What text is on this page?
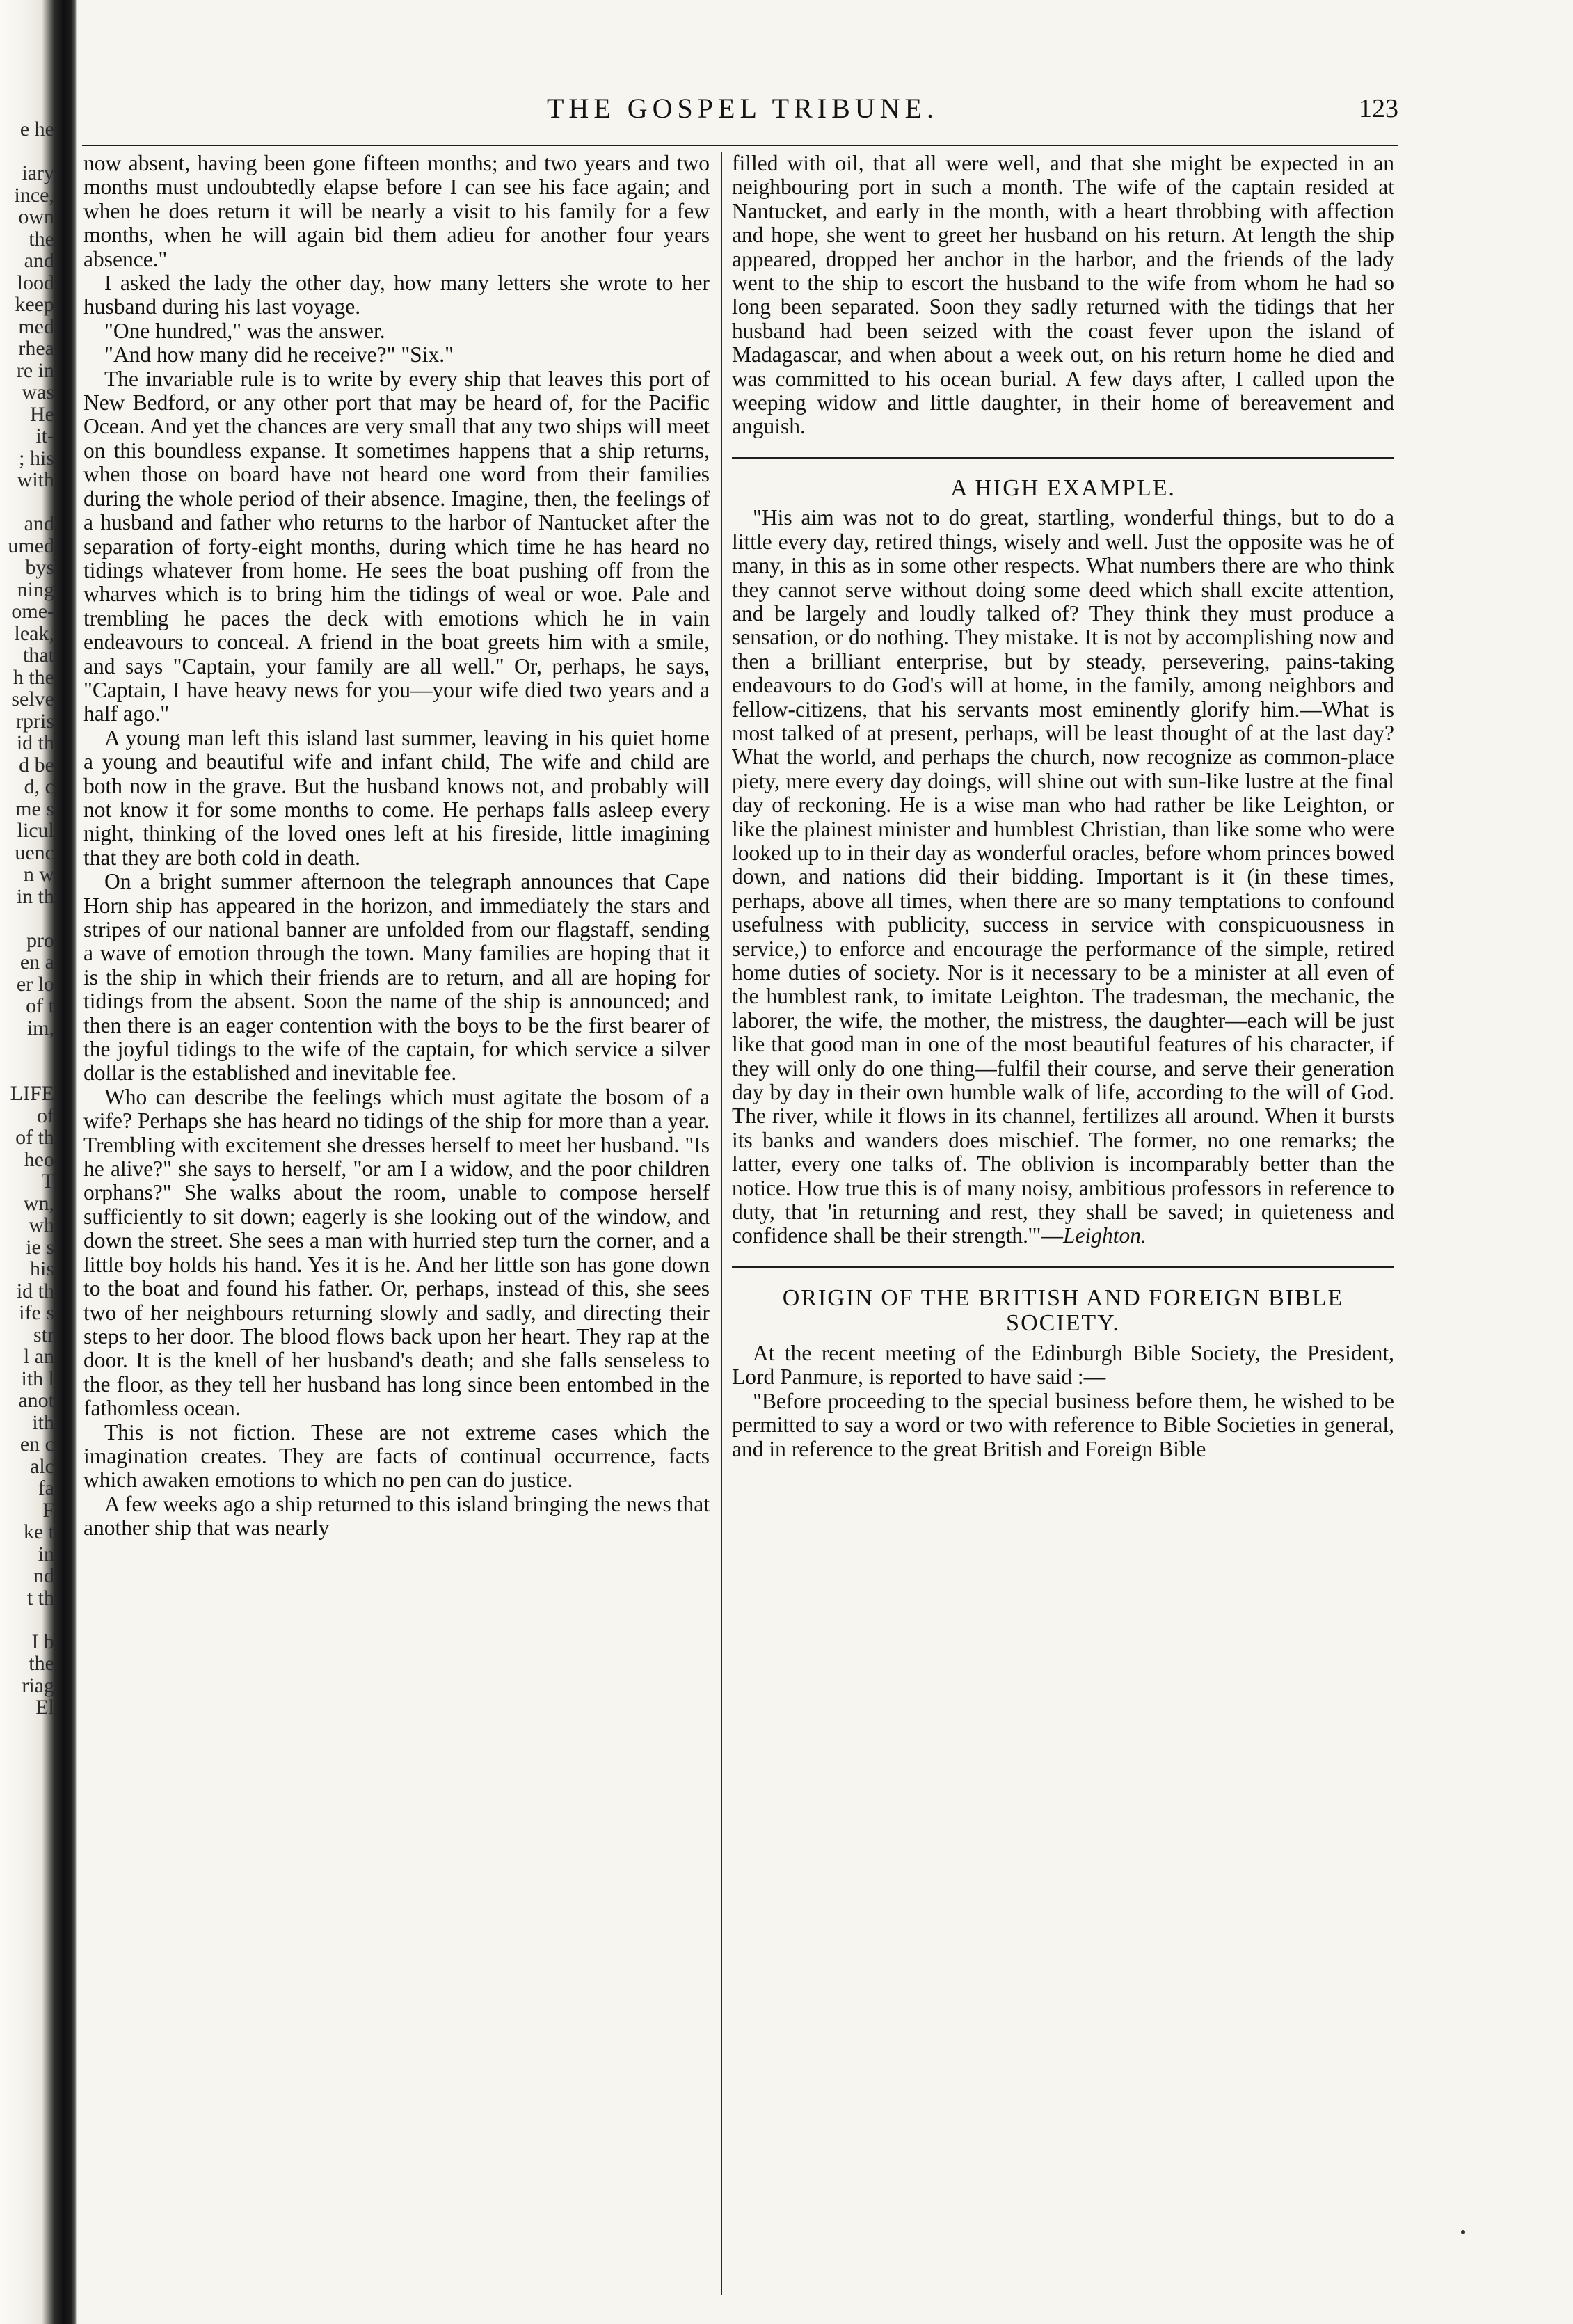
e he
iary
ince,
own
the
and
lood
keep
med
rhea
re in
was
He
it-
; his
with
and
umed
bys
ning
ome-
leak,
that
h the
selve
rpris
id th
d be
d, c
me s
licul
uenc
n w
in th
pro
en a
er lo
of t
im,
LIFE
of
of th
heo
T
wn,
wh
ie s
his
id th
ife s
str
l an
ith l
anot
ith
en c
alc
fa
F
ke t
in
nd
t th
I b
the
riag
El
THE GOSPEL TRIBUNE.	123

now absent, having been gone fifteen months; and two years and two months must undoubtedly elapse before I can see his face again; and when he does return it will be nearly a visit to his family for a few months, when he will again bid them adieu for another four years absence."

I asked the lady the other day, how many letters she wrote to her husband during his last voyage.

"One hundred," was the answer.

"And how many did he receive?" "Six."

The invariable rule is to write by every ship that leaves this port of New Bedford, or any other port that may be heard of, for the Pacific Ocean. And yet the chances are very small that any two ships will meet on this boundless expanse. It sometimes happens that a ship returns, when those on board have not heard one word from their families during the whole period of their absence. Imagine, then, the feelings of a husband and father who returns to the harbor of Nantucket after the separation of forty-eight months, during which time he has heard no tidings whatever from home. He sees the boat pushing off from the wharves which is to bring him the tidings of weal or woe. Pale and trembling he paces the deck with emotions which he in vain endeavours to conceal. A friend in the boat greets him with a smile, and says "Captain, your family are all well." Or, perhaps, he says, "Captain, I have heavy news for you—your wife died two years and a half ago."

A young man left this island last summer, leaving in his quiet home a young and beautiful wife and infant child, The wife and child are both now in the grave. But the husband knows not, and probably will not know it for some months to come. He perhaps falls asleep every night, thinking of the loved ones left at his fireside, little imagining that they are both cold in death.

On a bright summer afternoon the telegraph announces that Cape Horn ship has appeared in the horizon, and immediately the stars and stripes of our national banner are unfolded from our flagstaff, sending a wave of emotion through the town. Many families are hoping that it is the ship in which their friends are to return, and all are hoping for tidings from the absent. Soon the name of the ship is announced; and then there is an eager contention with the boys to be the first bearer of the joyful tidings to the wife of the captain, for which service a silver dollar is the established and inevitable fee.

Who can describe the feelings which must agitate the bosom of a wife? Perhaps she has heard no tidings of the ship for more than a year. Trembling with excitement she dresses herself to meet her husband. "Is he alive?" she says to herself, "or am I a widow, and the poor children orphans?" She walks about the room, unable to compose herself sufficiently to sit down; eagerly is she looking out of the window, and down the street. She sees a man with hurried step turn the corner, and a little boy holds his hand. Yes it is he. And her little son has gone down to the boat and found his father. Or, perhaps, instead of this, she sees two of her neighbours returning slowly and sadly, and directing their steps to her door. The blood flows back upon her heart. They rap at the door. It is the knell of her husband's death; and she falls senseless to the floor, as they tell her husband has long since been entombed in the fathomless ocean.

This is not fiction. These are not extreme cases which the imagination creates. They are facts of continual occurrence, facts which awaken emotions to which no pen can do justice.

A few weeks ago a ship returned to this island bringing the news that another ship that was nearly

filled with oil, that all were well, and that she might be expected in an neighbouring port in such a month. The wife of the captain resided at Nantucket, and early in the month, with a heart throbbing with affection and hope, she went to greet her husband on his return. At length the ship appeared, dropped her anchor in the harbor, and the friends of the lady went to the ship to escort the husband to the wife from whom he had so long been separated. Soon they sadly returned with the tidings that her husband had been seized with the coast fever upon the island of Madagascar, and when about a week out, on his return home he died and was committed to his ocean burial. A few days after, I called upon the weeping widow and little daughter, in their home of bereavement and anguish.

A HIGH EXAMPLE.

"His aim was not to do great, startling, wonderful things, but to do a little every day, retired things, wisely and well. Just the opposite was he of many, in this as in some other respects. What numbers there are who think they cannot serve without doing some deed which shall excite attention, and be largely and loudly talked of? They think they must produce a sensation, or do nothing. They mistake. It is not by accomplishing now and then a brilliant enterprise, but by steady, persevering, pains-taking endeavours to do God's will at home, in the family, among neighbors and fellow-citizens, that his servants most eminently glorify him.—What is most talked of at present, perhaps, will be least thought of at the last day? What the world, and perhaps the church, now recognize as common-place piety, mere every day doings, will shine out with sun-like lustre at the final day of reckoning. He is a wise man who had rather be like Leighton, or like the plainest minister and humblest Christian, than like some who were looked up to in their day as wonderful oracles, before whom princes bowed down, and nations did their bidding. Important is it (in these times, perhaps, above all times, when there are so many temptations to confound usefulness with publicity, success in service with conspicuousness in service,) to enforce and encourage the performance of the simple, retired home duties of society. Nor is it necessary to be a minister at all even of the humblest rank, to imitate Leighton. The tradesman, the mechanic, the laborer, the wife, the mother, the mistress, the daughter—each will be just like that good man in one of the most beautiful features of his character, if they will only do one thing—fulfil their course, and serve their generation day by day in their own humble walk of life, according to the will of God. The river, while it flows in its channel, fertilizes all around. When it bursts its banks and wanders does mischief. The former, no one remarks; the latter, every one talks of. The oblivion is incomparably better than the notice. How true this is of many noisy, ambitious professors in reference to duty, that 'in returning and rest, they shall be saved; in quieteness and confidence shall be their strength.'"—Leighton.

ORIGIN OF THE BRITISH AND FOREIGN BIBLE SOCIETY.

At the recent meeting of the Edinburgh Bible Society, the President, Lord Panmure, is reported to have said :—

"Before proceeding to the special business before them, he wished to be permitted to say a word or two with reference to Bible Societies in general, and in reference to the great British and Foreign Bible
